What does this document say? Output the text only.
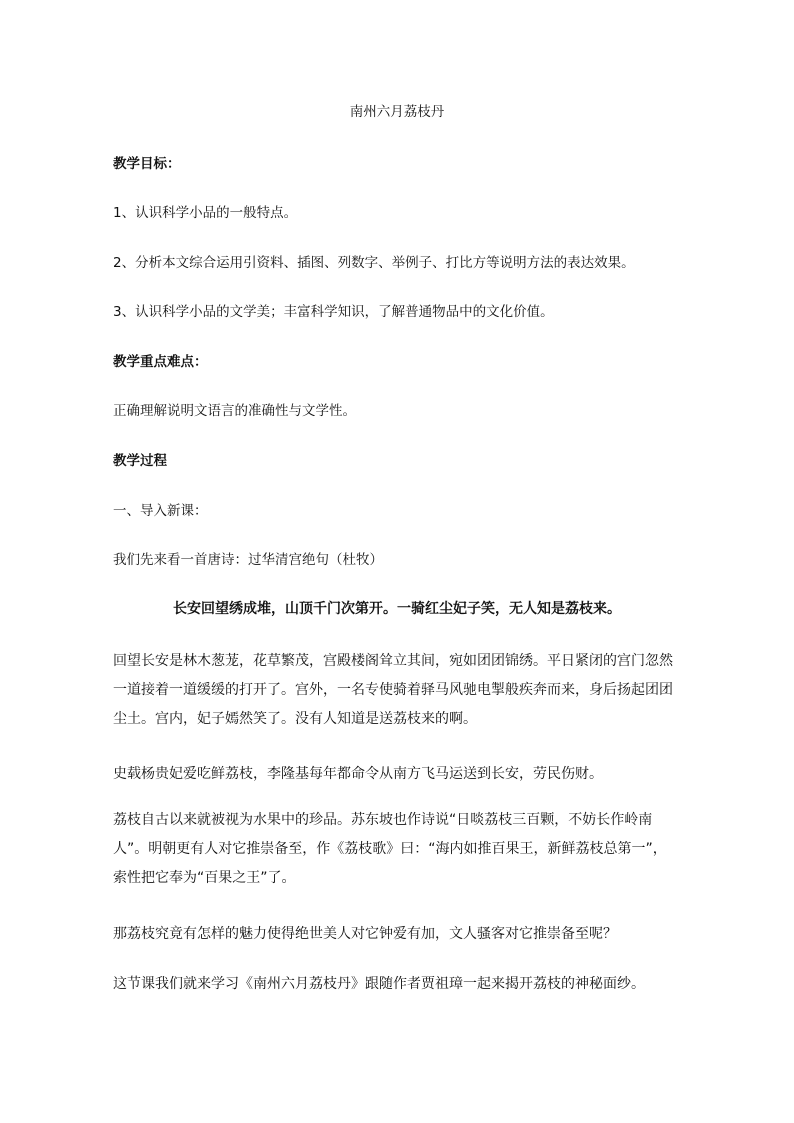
南州六月荔枝丹
教学目标：
1、认识科学小品的一般特点。
2、分析本文综合运用引资料、插图、列数字、举例子、打比方等说明方法的表达效果。
3、认识科学小品的文学美；丰富科学知识，了解普通物品中的文化价值。
教学重点难点：
正确理解说明文语言的准确性与文学性。
教学过程
一、导入新课：
我们先来看一首唐诗：过华清宫绝句（杜牧）
长安回望绣成堆，山顶千门次第开。一骑红尘妃子笑，无人知是荔枝来。
回望长安是林木葱茏，花草繁茂，宫殿楼阁耸立其间，宛如团团锦绣。平日紧闭的宫门忽然
一道接着一道缓缓的打开了。宫外，一名专使骑着驿马风驰电掣般疾奔而来，身后扬起团团
尘土。宫内，妃子嫣然笑了。没有人知道是送荔枝来的啊。
史载杨贵妃爱吃鲜荔枝，李隆基每年都命令从南方飞马运送到长安，劳民伤财。
荔枝自古以来就被视为水果中的珍品。苏东坡也作诗说“日啖荔枝三百颗，不妨长作岭南
人”。明朝更有人对它推崇备至，作《荔枝歌》曰：“海内如推百果王，新鲜荔枝总第一”，
索性把它奉为“百果之王”了。
那荔枝究竟有怎样的魅力使得绝世美人对它钟爱有加，文人骚客对它推崇备至呢？
这节课我们就来学习《南州六月荔枝丹》跟随作者贾祖璋一起来揭开荔枝的神秘面纱。
